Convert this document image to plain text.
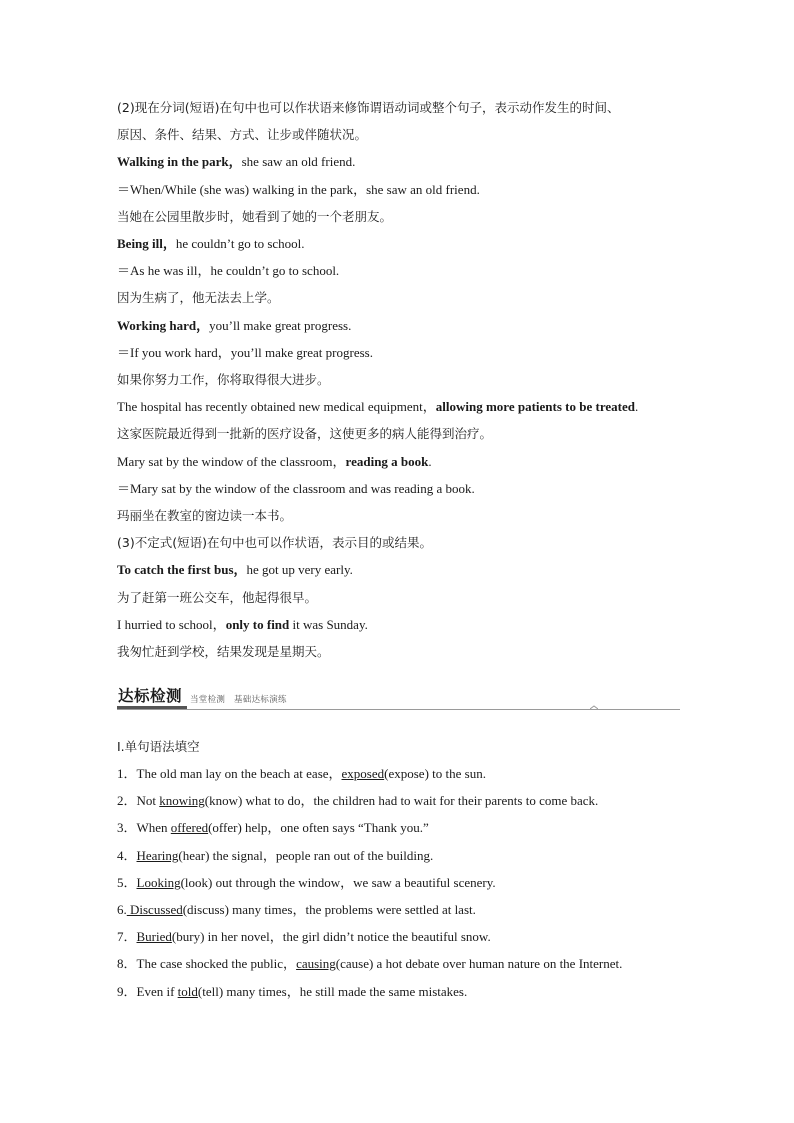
(2)现在分词(短语)在句中也可以作状语来修饰谓语动词或整个句子，表示动作发生的时间、
原因、条件、结果、方式、让步或伴随状况。
Walking in the park，she saw an old friend.
＝When/While (she was) walking in the park，she saw an old friend.
当她在公园里散步时，她看到了她的一个老朋友。
Being ill，he couldn’t go to school.
＝As he was ill，he couldn’t go to school.
因为生病了，他无法去上学。
Working hard，you’ll make great progress.
＝If you work hard，you’ll make great progress.
如果你努力工作，你将取得很大进步。
The hospital has recently obtained new medical equipment，allowing more patients to be treated.
这家医院最近得到一批新的医疗设备，这使更多的病人能得到治疗。
Mary sat by the window of the classroom，reading a book.
＝Mary sat by the window of the classroom and was reading a book.
玛丽坐在教室的窗边读一本书。
(3)不定式(短语)在句中也可以作状语，表示目的或结果。
To catch the first bus，he got up very early.
为了赶第一班公交车，他起得很早。
I hurried to school，only to find it was Sunday.
我匆忙赶到学校，结果发现是星期天。
达标检测 当堂检测　基础达标演练
Ⅰ.单句语法填空
1．The old man lay on the beach at ease，exposed(expose) to the sun.
2．Not knowing(know) what to do，the children had to wait for their parents to come back.
3．When offered(offer) help，one often says “Thank you.”
4．Hearing(hear) the signal，people ran out of the building.
5．Looking(look) out through the window，we saw a beautiful scenery.
6. Discussed(discuss) many times，the problems were settled at last.
7．Buried(bury) in her novel，the girl didn’t notice the beautiful snow.
8．The case shocked the public，causing(cause) a hot debate over human nature on the Internet.
9．Even if told(tell) many times，he still made the same mistakes.
